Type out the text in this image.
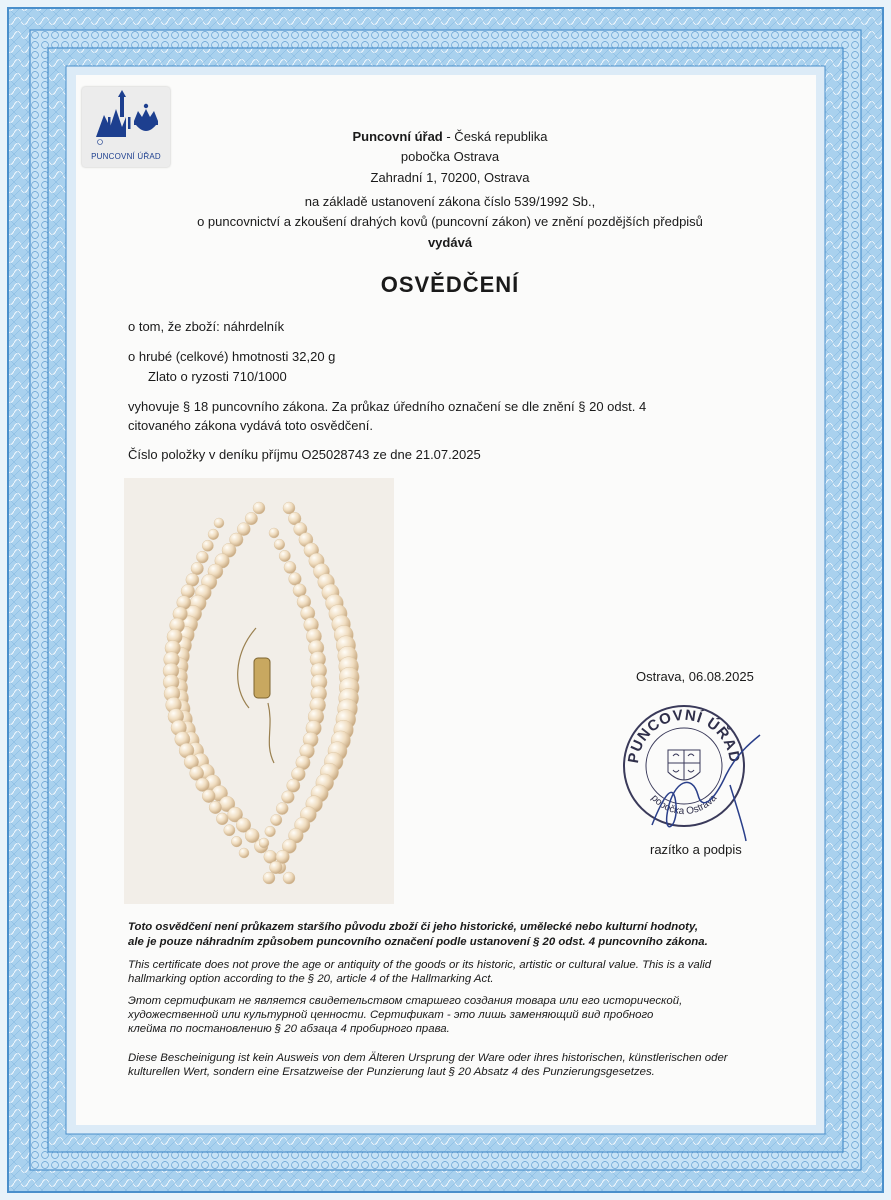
PUNCOVNÍ ÚŘAD
Puncovní úřad - Česká republika
pobočka Ostrava
Zahradní 1, 70200, Ostrava
na základě ustanovení zákona číslo 539/1992 Sb.,
o puncovnictví a zkoušení drahých kovů (puncovní zákon) ve znění pozdějších předpisů
vydává
OSVĚDČENÍ
o tom, že zboží: náhrdelník
o hrubé (celkové) hmotnosti 32,20 g
Zlato o ryzosti 710/1000
vyhovuje § 18 puncovního zákona. Za průkaz úředního označení se dle znění § 20 odst. 4
citovaného zákona vydává toto osvědčení.
Číslo položky v deníku příjmu O25028743 ze dne 21.07.2025
Ostrava, 06.08.2025
PUNCOVNÍ ÚŘAD
pobočka Ostrava
razítko a podpis
Toto osvědčení není průkazem staršího původu zboží či jeho historické, umělecké nebo kulturní hodnoty,
ale je pouze náhradním způsobem puncovního označení podle ustanovení § 20 odst. 4 puncovního zákona.
This certificate does not prove the age or antiquity of the goods or its historic, artistic or cultural value. This is a valid
hallmarking option according to the § 20, article 4 of the Hallmarking Act.
Этот сертификат не является свидетельством старшего создания товара или его исторической,
художественной или культурной ценности. Сертификат - это лишь заменяющий вид пробного
клейма по постановлению § 20 абзаца 4 пробирного права.
Diese Bescheinigung ist kein Ausweis von dem Älteren Ursprung der Ware oder ihres historischen, künstlerischen oder
kulturellen Wert, sondern eine Ersatzweise der Punzierung laut § 20 Absatz 4 des Punzierungsgesetzes.
